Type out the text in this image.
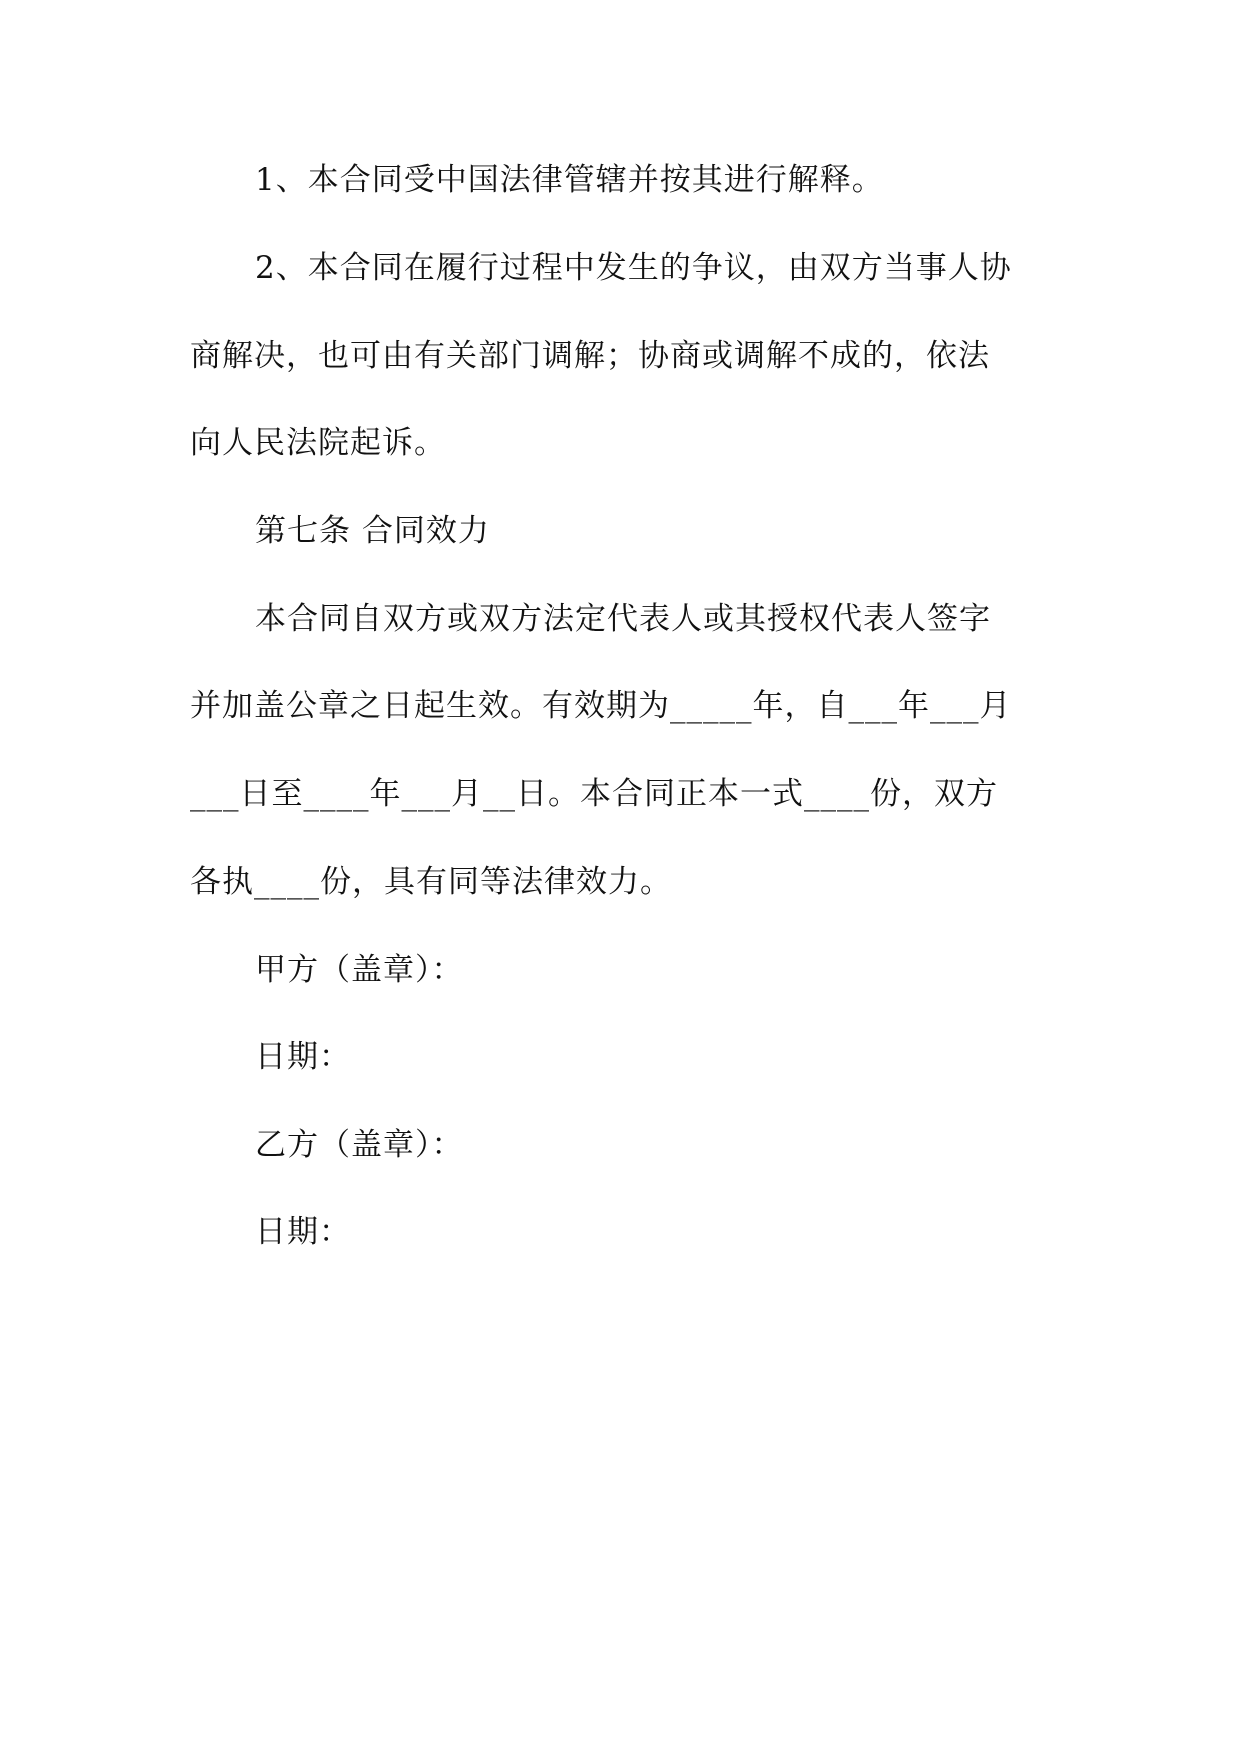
1、本合同受中国法律管辖并按其进行解释。
2、本合同在履行过程中发生的争议，由双方当事人协
商解决，也可由有关部门调解；协商或调解不成的，依法
向人民法院起诉。
第七条 合同效力
本合同自双方或双方法定代表人或其授权代表人签字
并加盖公章之日起生效。有效期为_____年，自___年___月
___日至____年___月__日。本合同正本一式____份，双方
各执____份，具有同等法律效力。
甲方（盖章）：
日期：
乙方（盖章）：
日期：
